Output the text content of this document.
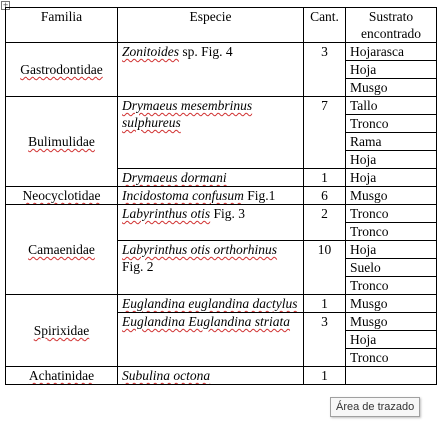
+
Familia	Especie	Cant.	Sustrato encontrado
Gastrodontidae	Zonitoides sp. Fig. 4	3	Hojarasca
			Hoja
			Musgo
Bulimulidae	Drymaeus mesembrinus sulphureus	7	Tallo
			Tronco
			Rama
			Hoja
	Drymaeus dormani	1	Hoja
Neocyclotidae	Incidostoma confusum Fig.1	6	Musgo
Camaenidae	Labyrinthus otis Fig. 3	2	Tronco
			Tronco
	Labyrinthus otis orthorhinus Fig. 2	10	Hoja
			Suelo
			Tronco
Spirixidae	Euglandina euglandina dactylus	1	Musgo
	Euglandina Euglandina striata	3	Musgo
			Hoja
			Tronco
Achatinidae	Subulina octona	1	
Área de trazado
